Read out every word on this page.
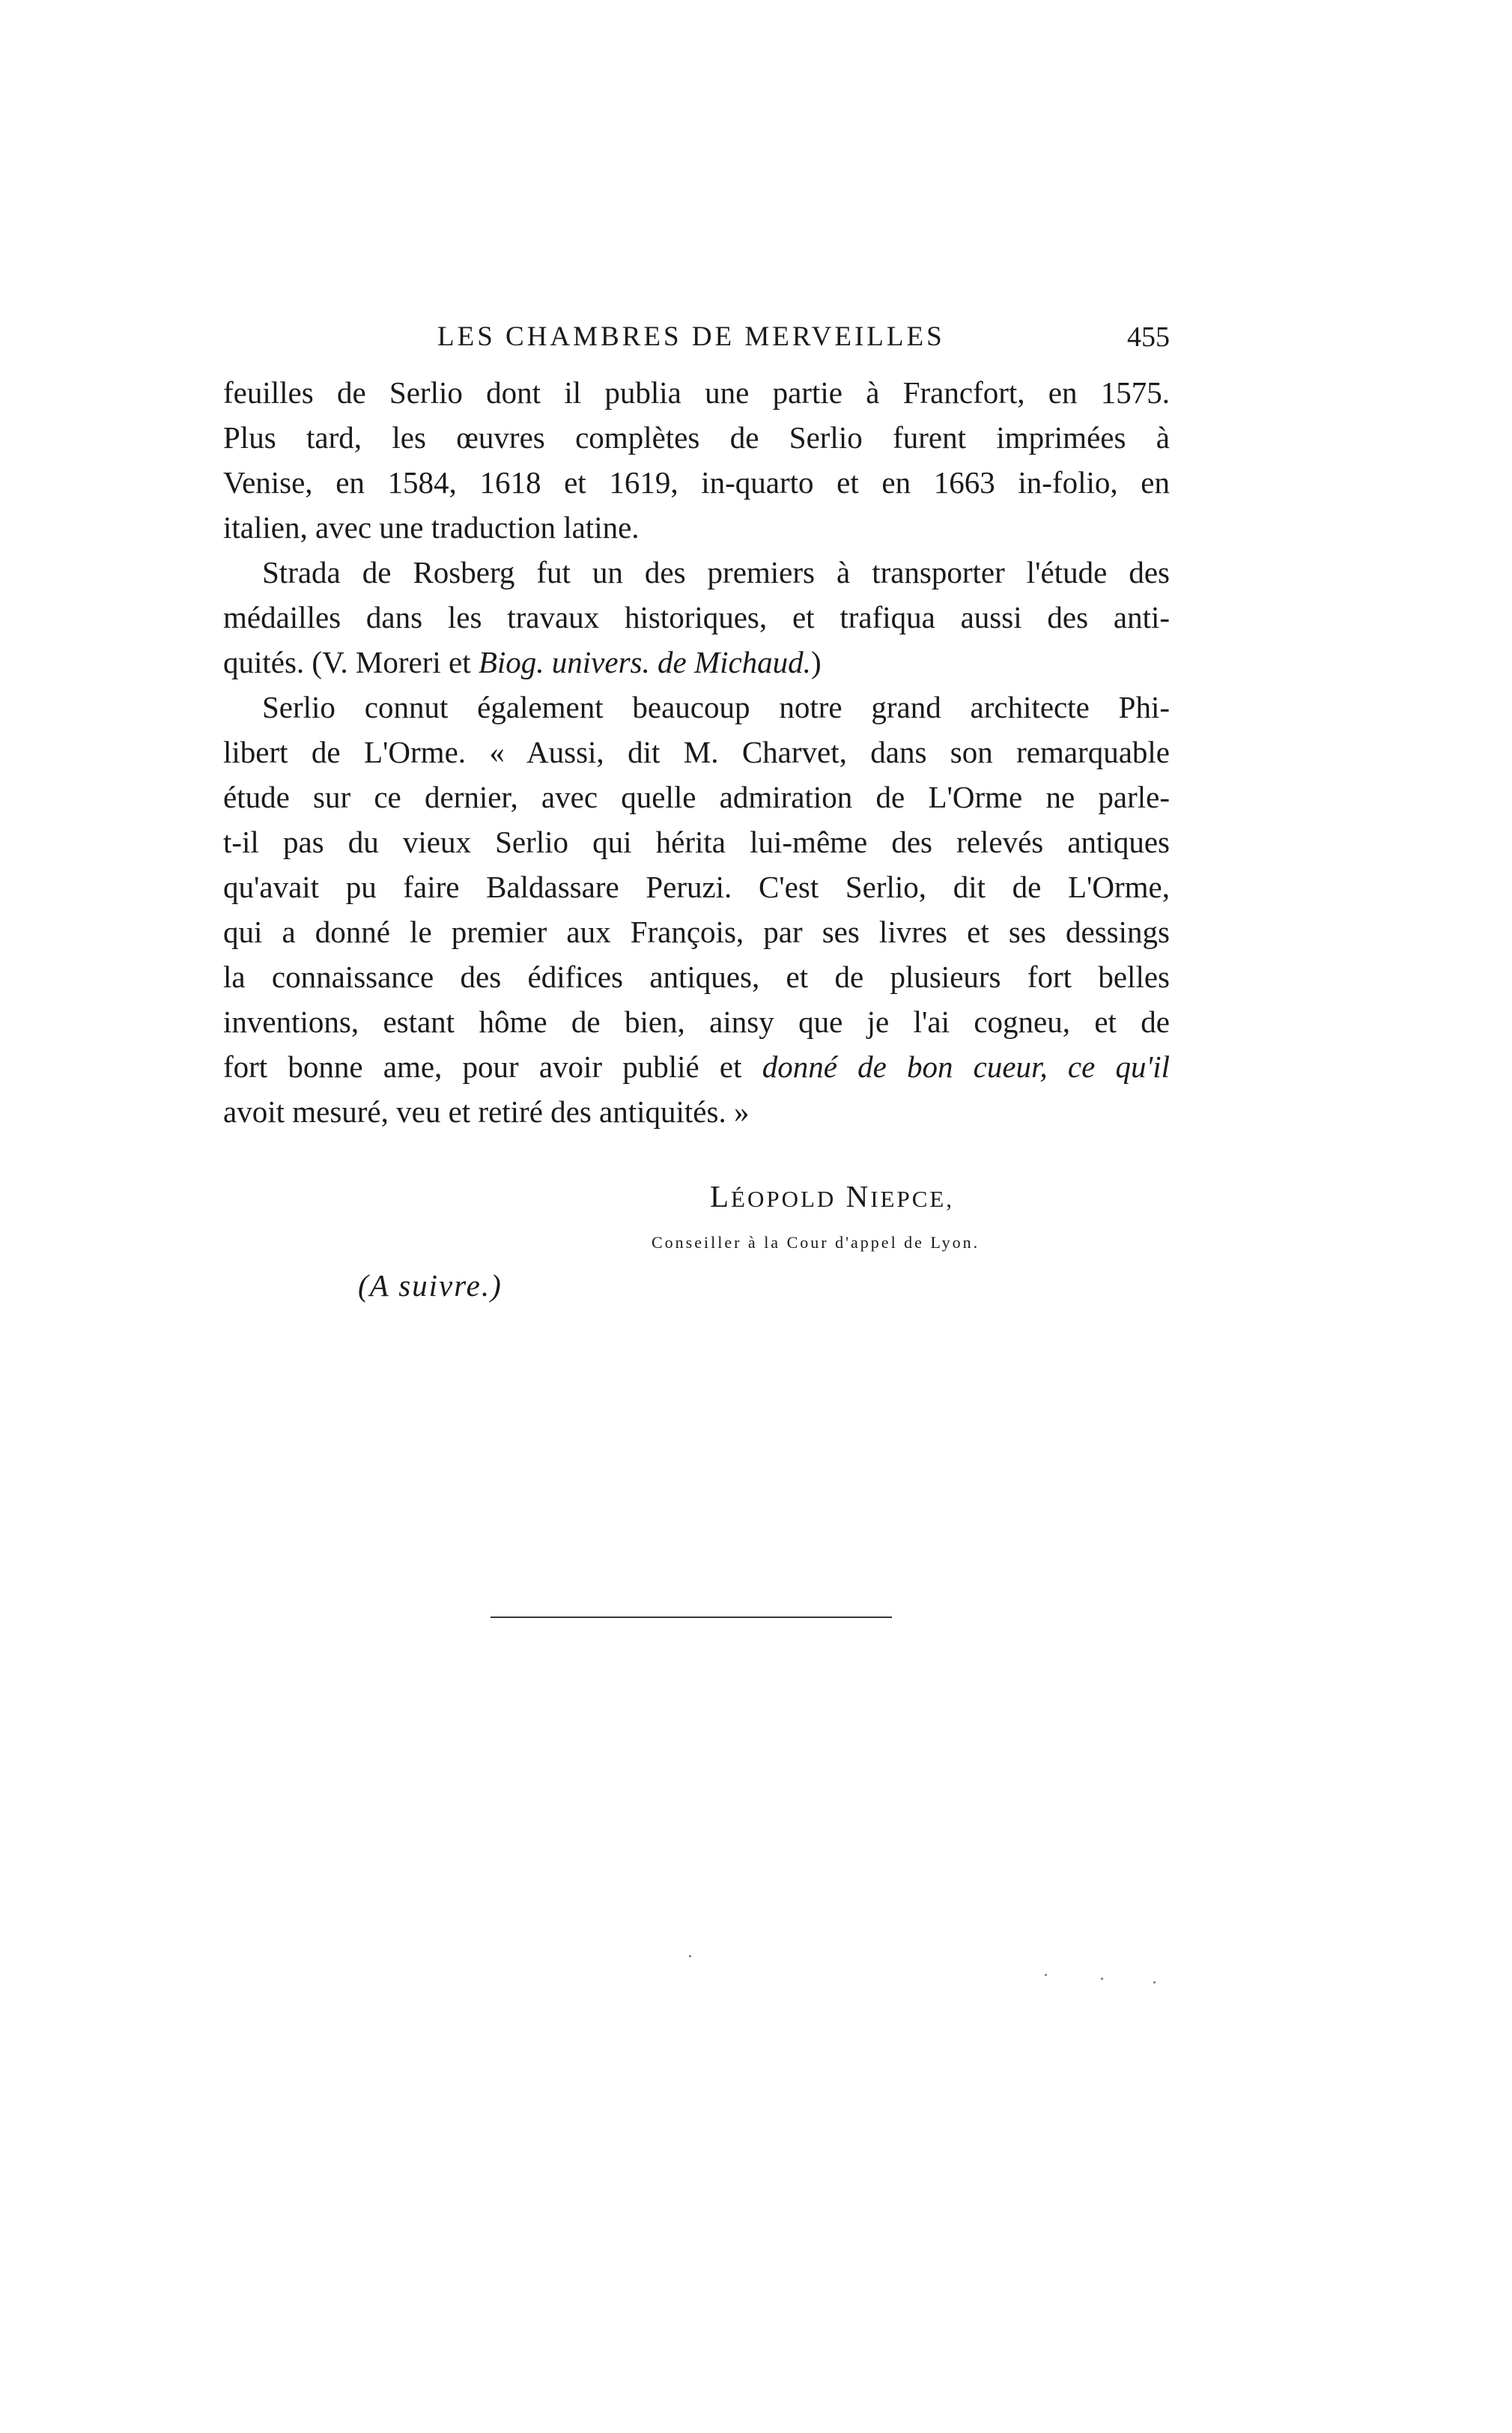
LES CHAMBRES DE MERVEILLES	455
feuilles de Serlio dont il publia une partie à Francfort, en 1575.
Plus tard, les œuvres complètes de Serlio furent imprimées à
Venise, en 1584, 1618 et 1619, in-quarto et en 1663 in-folio, en
italien, avec une traduction latine.
Strada de Rosberg fut un des premiers à transporter l'étude des
médailles dans les travaux historiques, et trafiqua aussi des anti-
quités. (V. Moreri et Biog. univers. de Michaud.)
Serlio connut également beaucoup notre grand architecte Phi-
libert de L'Orme. « Aussi, dit M. Charvet, dans son remarquable
étude sur ce dernier, avec quelle admiration de L'Orme ne parle-
t-il pas du vieux Serlio qui hérita lui-même des relevés antiques
qu'avait pu faire Baldassare Peruzi. C'est Serlio, dit de L'Orme,
qui a donné le premier aux François, par ses livres et ses dessings
la connaissance des édifices antiques, et de plusieurs fort belles
inventions, estant hôme de bien, ainsy que je l'ai cogneu, et de
fort bonne ame, pour avoir publié et donné de bon cueur, ce qu'il
avoit mesuré, veu et retiré des antiquités. »
LÉOPOLD NIEPCE,
Conseiller à la Cour d'appel de Lyon.
(A suivre.)
